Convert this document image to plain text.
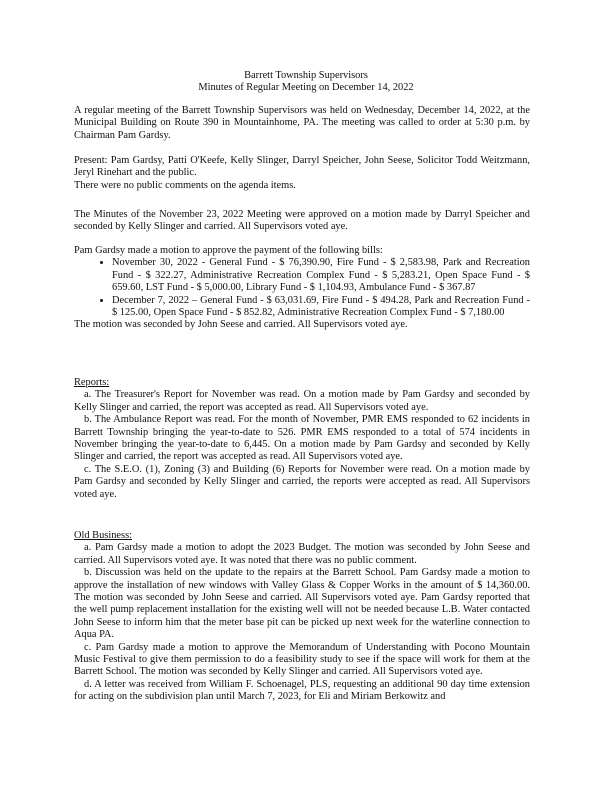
Barrett Township Supervisors
Minutes of Regular Meeting on December 14, 2022

A regular meeting of the Barrett Township Supervisors was held on Wednesday, December 14, 2022, at the Municipal Building on Route 390 in Mountainhome, PA. The meeting was called to order at 5:30 p.m. by Chairman Pam Gardsy.

Present: Pam Gardsy, Patti O'Keefe, Kelly Slinger, Darryl Speicher, John Seese, Solicitor Todd Weitzmann, Jeryl Rinehart and the public.

There were no public comments on the agenda items.

The Minutes of the November 23, 2022 Meeting were approved on a motion made by Darryl Speicher and seconded by Kelly Slinger and carried. All Supervisors voted aye.

Pam Gardsy made a motion to approve the payment of the following bills:

• November 30, 2022 - General Fund - $ 76,390.90, Fire Fund - $ 2,583.98, Park and Recreation Fund - $ 322.27, Administrative Recreation Complex Fund - $ 5,283.21, Open Space Fund - $ 659.60, LST Fund - $ 5,000.00, Library Fund - $ 1,104.93, Ambulance Fund - $ 367.87
• December 7, 2022 – General Fund - $ 63,031.69, Fire Fund - $ 494.28, Park and Recreation Fund - $ 125.00, Open Space Fund - $ 852.82, Administrative Recreation Complex Fund - $ 7,180.00

The motion was seconded by John Seese and carried. All Supervisors voted aye.

Reports:

a. The Treasurer's Report for November was read. On a motion made by Pam Gardsy and seconded by Kelly Slinger and carried, the report was accepted as read. All Supervisors voted aye.

b. The Ambulance Report was read. For the month of November, PMR EMS responded to 62 incidents in Barrett Township bringing the year-to-date to 526. PMR EMS responded to a total of 574 incidents in November bringing the year-to-date to 6,445. On a motion made by Pam Gardsy and seconded by Kelly Slinger and carried, the report was accepted as read. All Supervisors voted aye.

c. The S.E.O. (1), Zoning (3) and Building (6) Reports for November were read. On a motion made by Pam Gardsy and seconded by Kelly Slinger and carried, the reports were accepted as read. All Supervisors voted aye.

Old Business:

a. Pam Gardsy made a motion to adopt the 2023 Budget. The motion was seconded by John Seese and carried. All Supervisors voted aye. It was noted that there was no public comment.

b. Discussion was held on the update to the repairs at the Barrett School. Pam Gardsy made a motion to approve the installation of new windows with Valley Glass & Copper Works in the amount of $ 14,360.00. The motion was seconded by John Seese and carried. All Supervisors voted aye. Pam Gardsy reported that the well pump replacement installation for the existing well will not be needed because L.B. Water contacted John Seese to inform him that the meter base pit can be picked up next week for the waterline connection to Aqua PA.

c. Pam Gardsy made a motion to approve the Memorandum of Understanding with Pocono Mountain Music Festival to give them permission to do a feasibility study to see if the space will work for them at the Barrett School. The motion was seconded by Kelly Slinger and carried. All Supervisors voted aye.

d. A letter was received from William F. Schoenagel, PLS, requesting an additional 90 day time extension for acting on the subdivision plan until March 7, 2023, for Eli and Miriam Berkowitz and
